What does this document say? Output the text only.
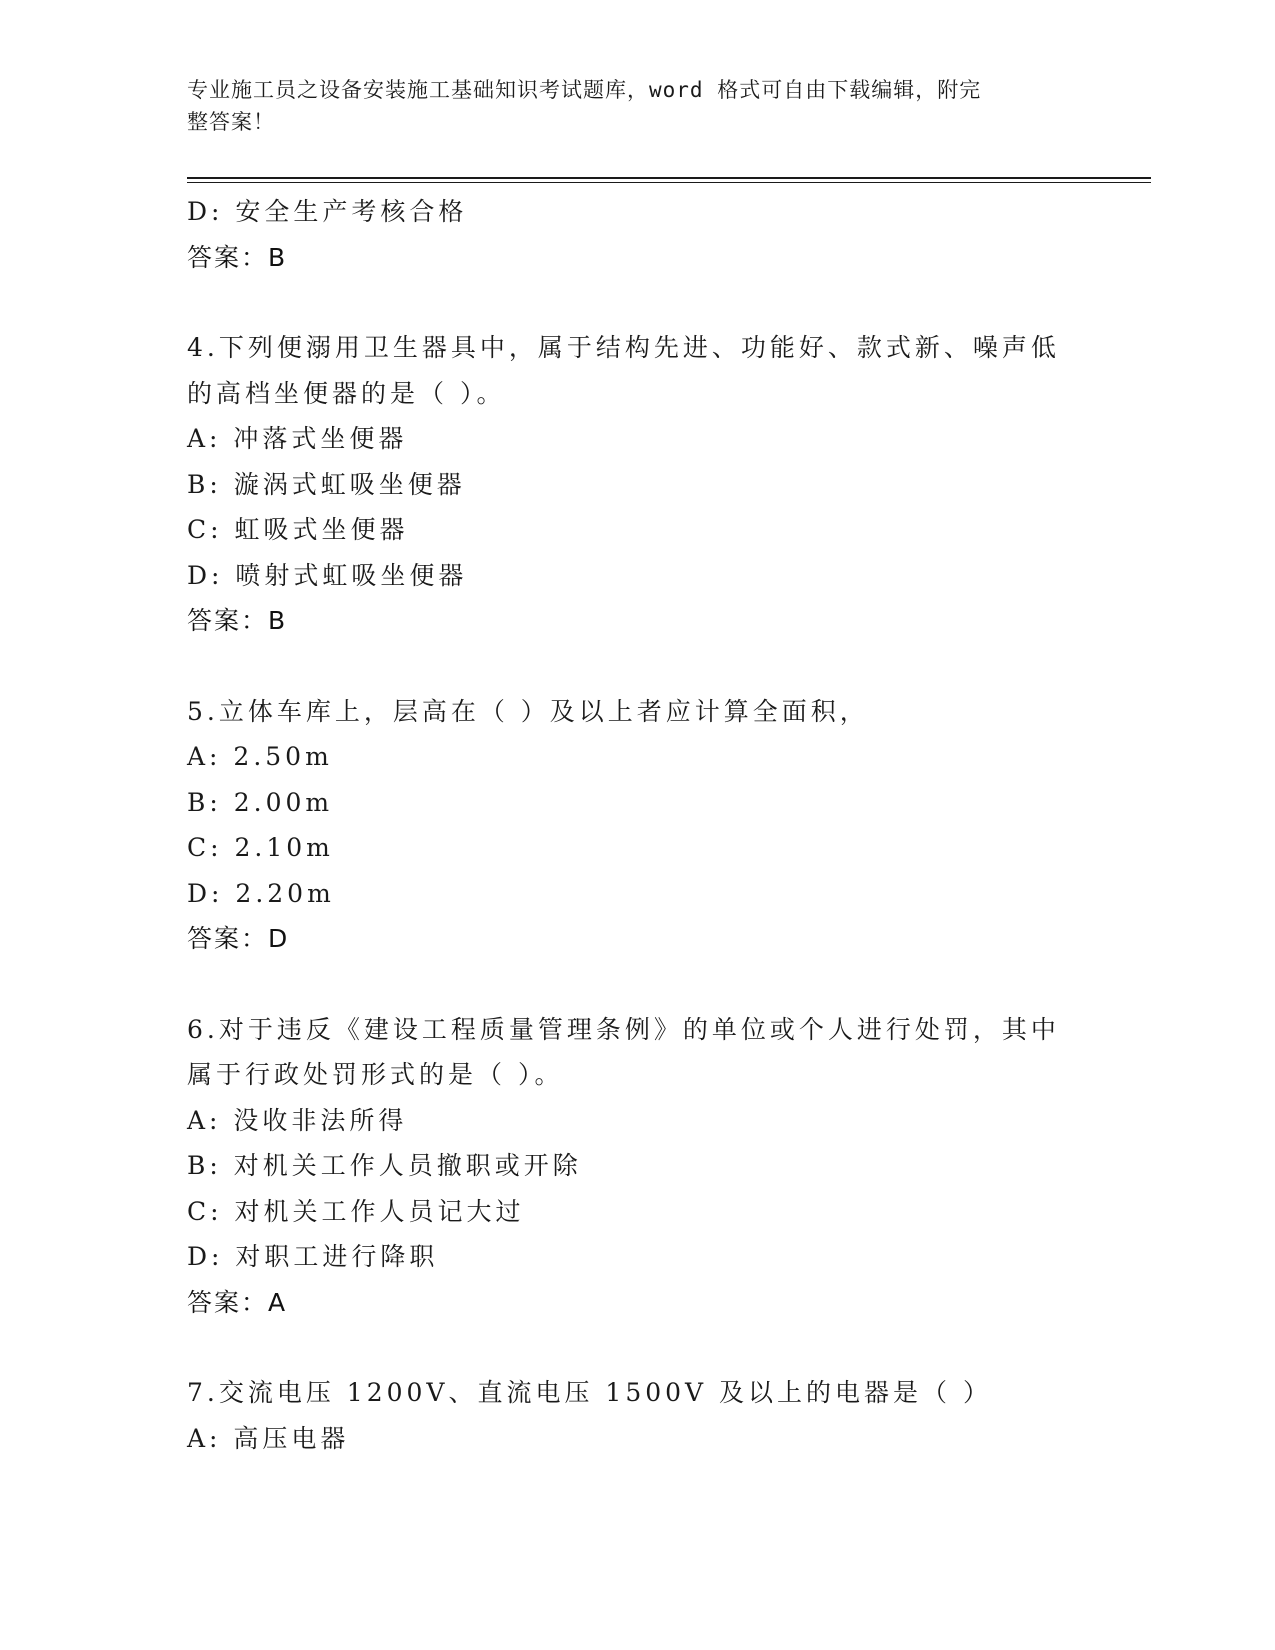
专业施工员之设备安装施工基础知识考试题库，word 格式可自由下载编辑，附完
整答案！
D: 安全生产考核合格
答案：B
4.下列便溺用卫生器具中，属于结构先进、功能好、款式新、噪声低
的高档坐便器的是（ ）。
A: 冲落式坐便器
B: 漩涡式虹吸坐便器
C: 虹吸式坐便器
D: 喷射式虹吸坐便器
答案：B
5.立体车库上，层高在（ ）及以上者应计算全面积，
A: 2.50m
B: 2.00m
C: 2.10m
D: 2.20m
答案：D
6.对于违反《建设工程质量管理条例》的单位或个人进行处罚，其中
属于行政处罚形式的是（ ）。
A: 没收非法所得
B: 对机关工作人员撤职或开除
C: 对机关工作人员记大过
D: 对职工进行降职
答案：A
7.交流电压 1200V、直流电压 1500V 及以上的电器是（ ）
A: 高压电器
